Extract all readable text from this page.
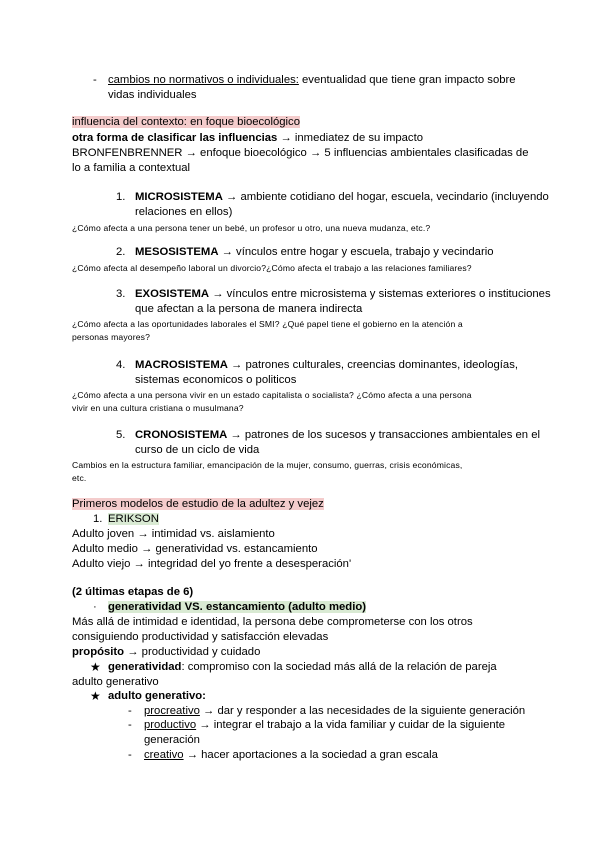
- cambios no normativos o individuales: eventualidad que tiene gran impacto sobre
vidas individuales
influencia del contexto: en foque bioecológico
otra forma de clasificar las influencias → inmediatez de su impacto
BRONFENBRENNER → enfoque bioecológico → 5 influencias ambientales clasificadas de
lo a familia a contextual
1. MICROSISTEMA → ambiente cotidiano del hogar, escuela, vecindario (incluyendo
relaciones en ellos)
¿Cómo afecta a una persona tener un bebé, un profesor u otro, una nueva mudanza, etc.?
2. MESOSISTEMA → vínculos entre hogar y escuela, trabajo y vecindario
¿Cómo afecta al desempeño laboral un divorcio?¿Cómo afecta el trabajo a las relaciones familiares?
3. EXOSISTEMA → vínculos entre microsistema y sistemas exteriores o instituciones
que afectan a la persona de manera indirecta
¿Cómo afecta a las oportunidades laborales el SMI? ¿Qué papel tiene el gobierno en la atención a
personas mayores?
4. MACROSISTEMA → patrones culturales, creencias dominantes, ideologías,
sistemas economicos o politicos
¿Cómo afecta a una persona vivir en un estado capitalista o socialista? ¿Cómo afecta a una persona
vivir en una cultura cristiana o musulmana?
5. CRONOSISTEMA → patrones de los sucesos y transacciones ambientales en el
curso de un ciclo de vida
Cambios en la estructura familiar, emancipación de la mujer, consumo, guerras, crisis económicas,
etc.
Primeros modelos de estudio de la adultez y vejez
1. ERIKSON
Adulto joven → intimidad vs. aislamiento
Adulto medio → generatividad vs. estancamiento
Adulto viejo → integridad del yo frente a desesperación'
(2 últimas etapas de 6)
· generatividad VS. estancamiento (adulto medio)
Más allá de intimidad e identidad, la persona debe comprometerse con los otros
consiguiendo productividad y satisfacción elevadas
propósito → productividad y cuidado
★ generatividad: compromiso con la sociedad más allá de la relación de pareja
adulto generativo
★ adulto generativo:
- procreativo → dar y responder a las necesidades de la siguiente generación
- productivo → integrar el trabajo a la vida familiar y cuidar de la siguiente
generación
- creativo → hacer aportaciones a la sociedad a gran escala
